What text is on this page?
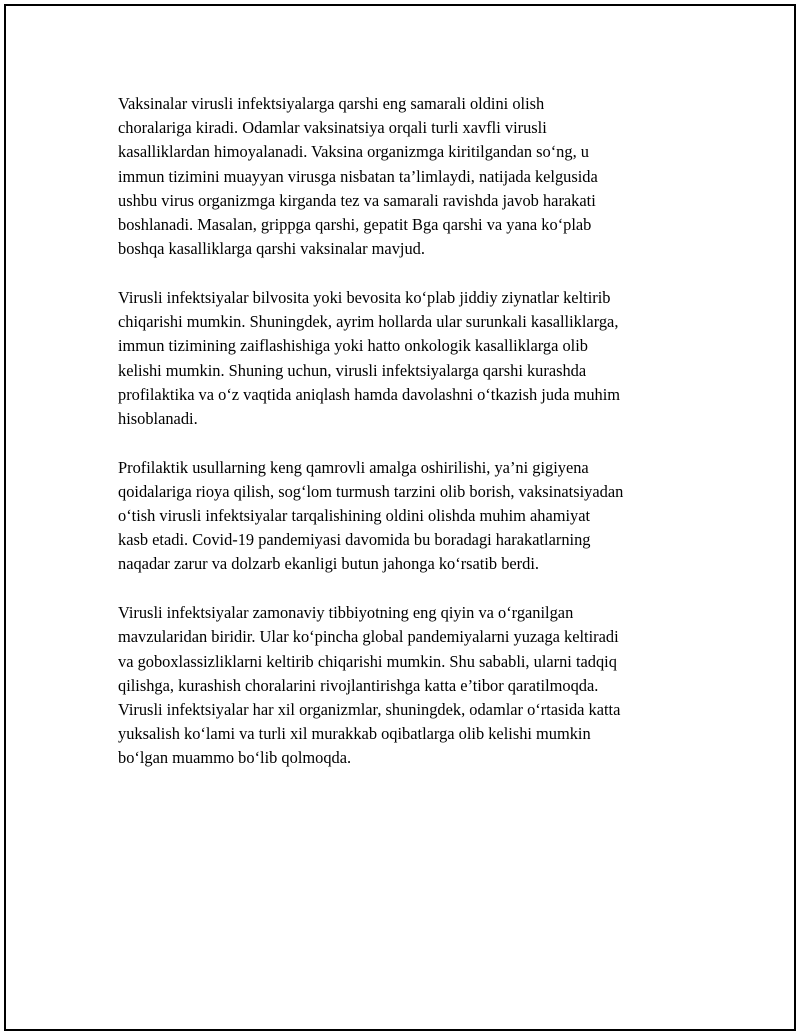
Vaksinalar virusli infektsiyalarga qarshi eng samarali oldini olish
choralariga kiradi. Odamlar vaksinatsiya orqali turli xavfli virusli
kasalliklardan himoyalanadi. Vaksina organizmga kiritilgandan so‘ng, u
immun tizimini muayyan virusga nisbatan ta’limlaydi, natijada kelgusida
ushbu virus organizmga kirganda tez va samarali ravishda javob harakati
boshlanadi. Masalan, grippga qarshi, gepatit Bga qarshi va yana ko‘plab
boshqa kasalliklarga qarshi vaksinalar mavjud.

Virusli infektsiyalar bilvosita yoki bevosita ko‘plab jiddiy ziynatlar keltirib
chiqarishi mumkin. Shuningdek, ayrim hollarda ular surunkali kasalliklarga,
immun tizimining zaiflashishiga yoki hatto onkologik kasalliklarga olib
kelishi mumkin. Shuning uchun, virusli infektsiyalarga qarshi kurashda
profilaktika va o‘z vaqtida aniqlash hamda davolashni o‘tkazish juda muhim
hisoblanadi.

Profilaktik usullarning keng qamrovli amalga oshirilishi, ya’ni gigiyena
qoidalariga rioya qilish, sog‘lom turmush tarzini olib borish, vaksinatsiyadan
o‘tish virusli infektsiyalar tarqalishining oldini olishda muhim ahamiyat
kasb etadi. Covid-19 pandemiyasi davomida bu boradagi harakatlarning
naqadar zarur va dolzarb ekanligi butun jahonga ko‘rsatib berdi.

Virusli infektsiyalar zamonaviy tibbiyotning eng qiyin va o‘rganilgan
mavzularidan biridir. Ular ko‘pincha global pandemiyalarni yuzaga keltiradi
va goboxlassizliklarni keltirib chiqarishi mumkin. Shu sababli, ularni tadqiq
qilishga, kurashish choralarini rivojlantirishga katta e’tibor qaratilmoqda.
Virusli infektsiyalar har xil organizmlar, shuningdek, odamlar o‘rtasida katta
yuksalish ko‘lami va turli xil murakkab oqibatlarga olib kelishi mumkin
bo‘lgan muammo bo‘lib qolmoqda.
